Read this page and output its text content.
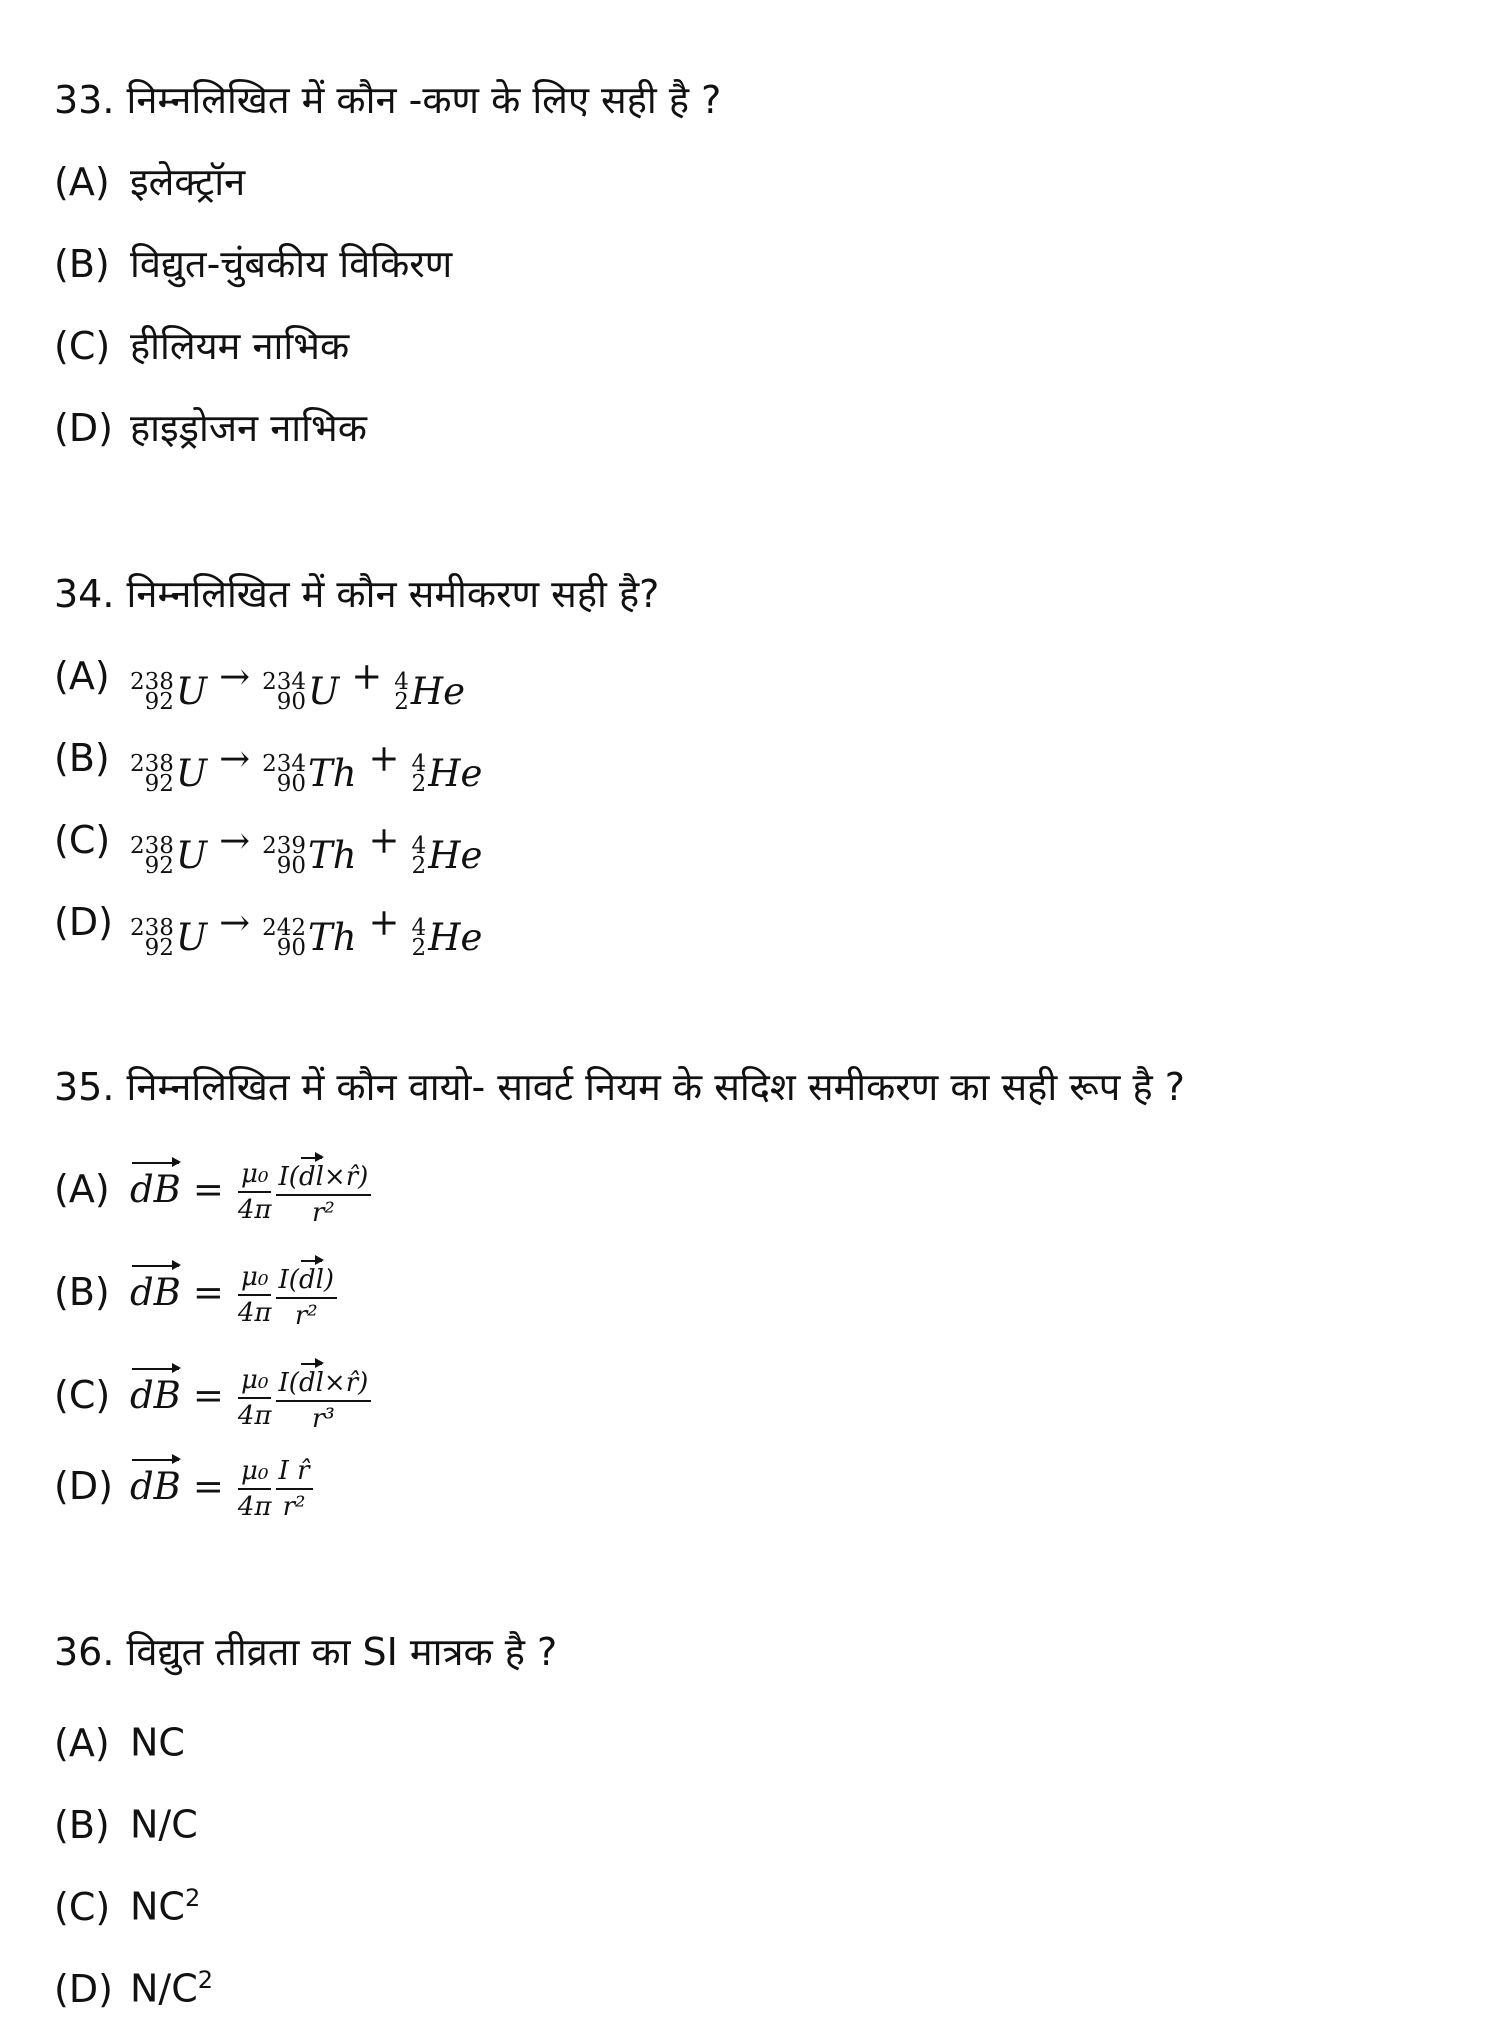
33. निम्नलिखित में कौन -कण के लिए सही है ?
(A) इलेक्ट्रॉन
(B) विद्युत-चुंबकीय विकिरण
(C) हीलियम नाभिक
(D) हाइड्रोजन नाभिक
34. निम्नलिखित में कौन समीकरण सही है?
(A) 238
92 U → 234
90 U + 4
2 He
(B) 238
92 U → 234
90 Th + 4
2 He
(C) 238
92 U → 239
90 Th + 4
2 He
(D) 238
92 U → 242
90 Th + 4
2 He
35. निम्नलिखित में कौन वायो- सावर्ट नियम के सदिश समीकरण का सही रूप है ?
(A) dB = $\frac{\text{μ₀}}{4\pi} \frac{I(dl\times r̂)}{\text{r²}}$
(B) dB = $\frac{\text{μ₀}}{4\pi} \frac{I(dl)}{\text{r²}}$
(C) dB = $\frac{\text{μ₀}}{4\pi} \frac{I(dl\times r̂)}{\text{r³}}$
(D) dB = $\frac{\text{μ₀}}{4\pi} \frac{\text{I r̂}}{\text{r²}}$
36. विद्युत तीव्रता का SI मात्रक है ?
(A) NC
(B) N/C
(C) $NC^2$
(D) $N/C^2$
